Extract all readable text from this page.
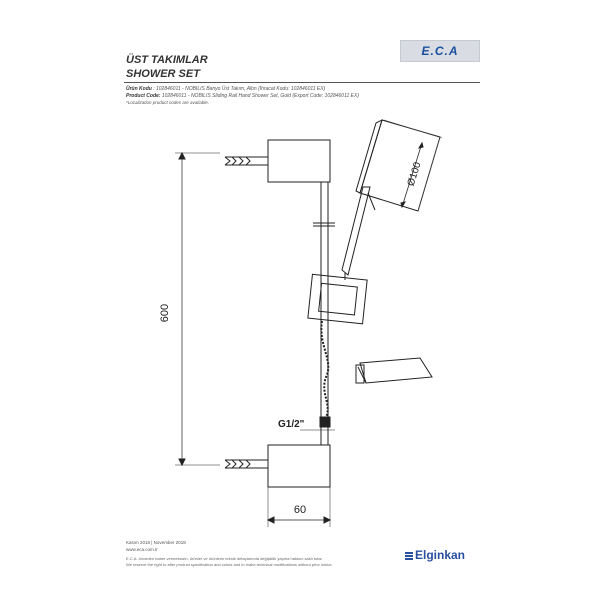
E.C.A
ÜST TAKIMLAR
SHOWER SET
Ürün Kodu : 102846011 - NOBILIS Banyo Üst Takım, Altın (İhracat Kodu: 102846011 EX)
Product Code: 102846011 - NOBILIS Sliding Rail Hand Shower Set, Gold (Export Code: 102846011 EX)
*Localization product codes are available.
600
60
Ø100
G1/2"
Kasım 2018 | November 2018
www.eca.com.tr
E.C.A. önceden haber vermeksizin, ürünler ve ürünlerin teknik detaylarında değişiklik yapma hakkını saklı tutar.
We reserve the right to alter product specification and colors and to make technical modifications without prior notice.
Elginkan
